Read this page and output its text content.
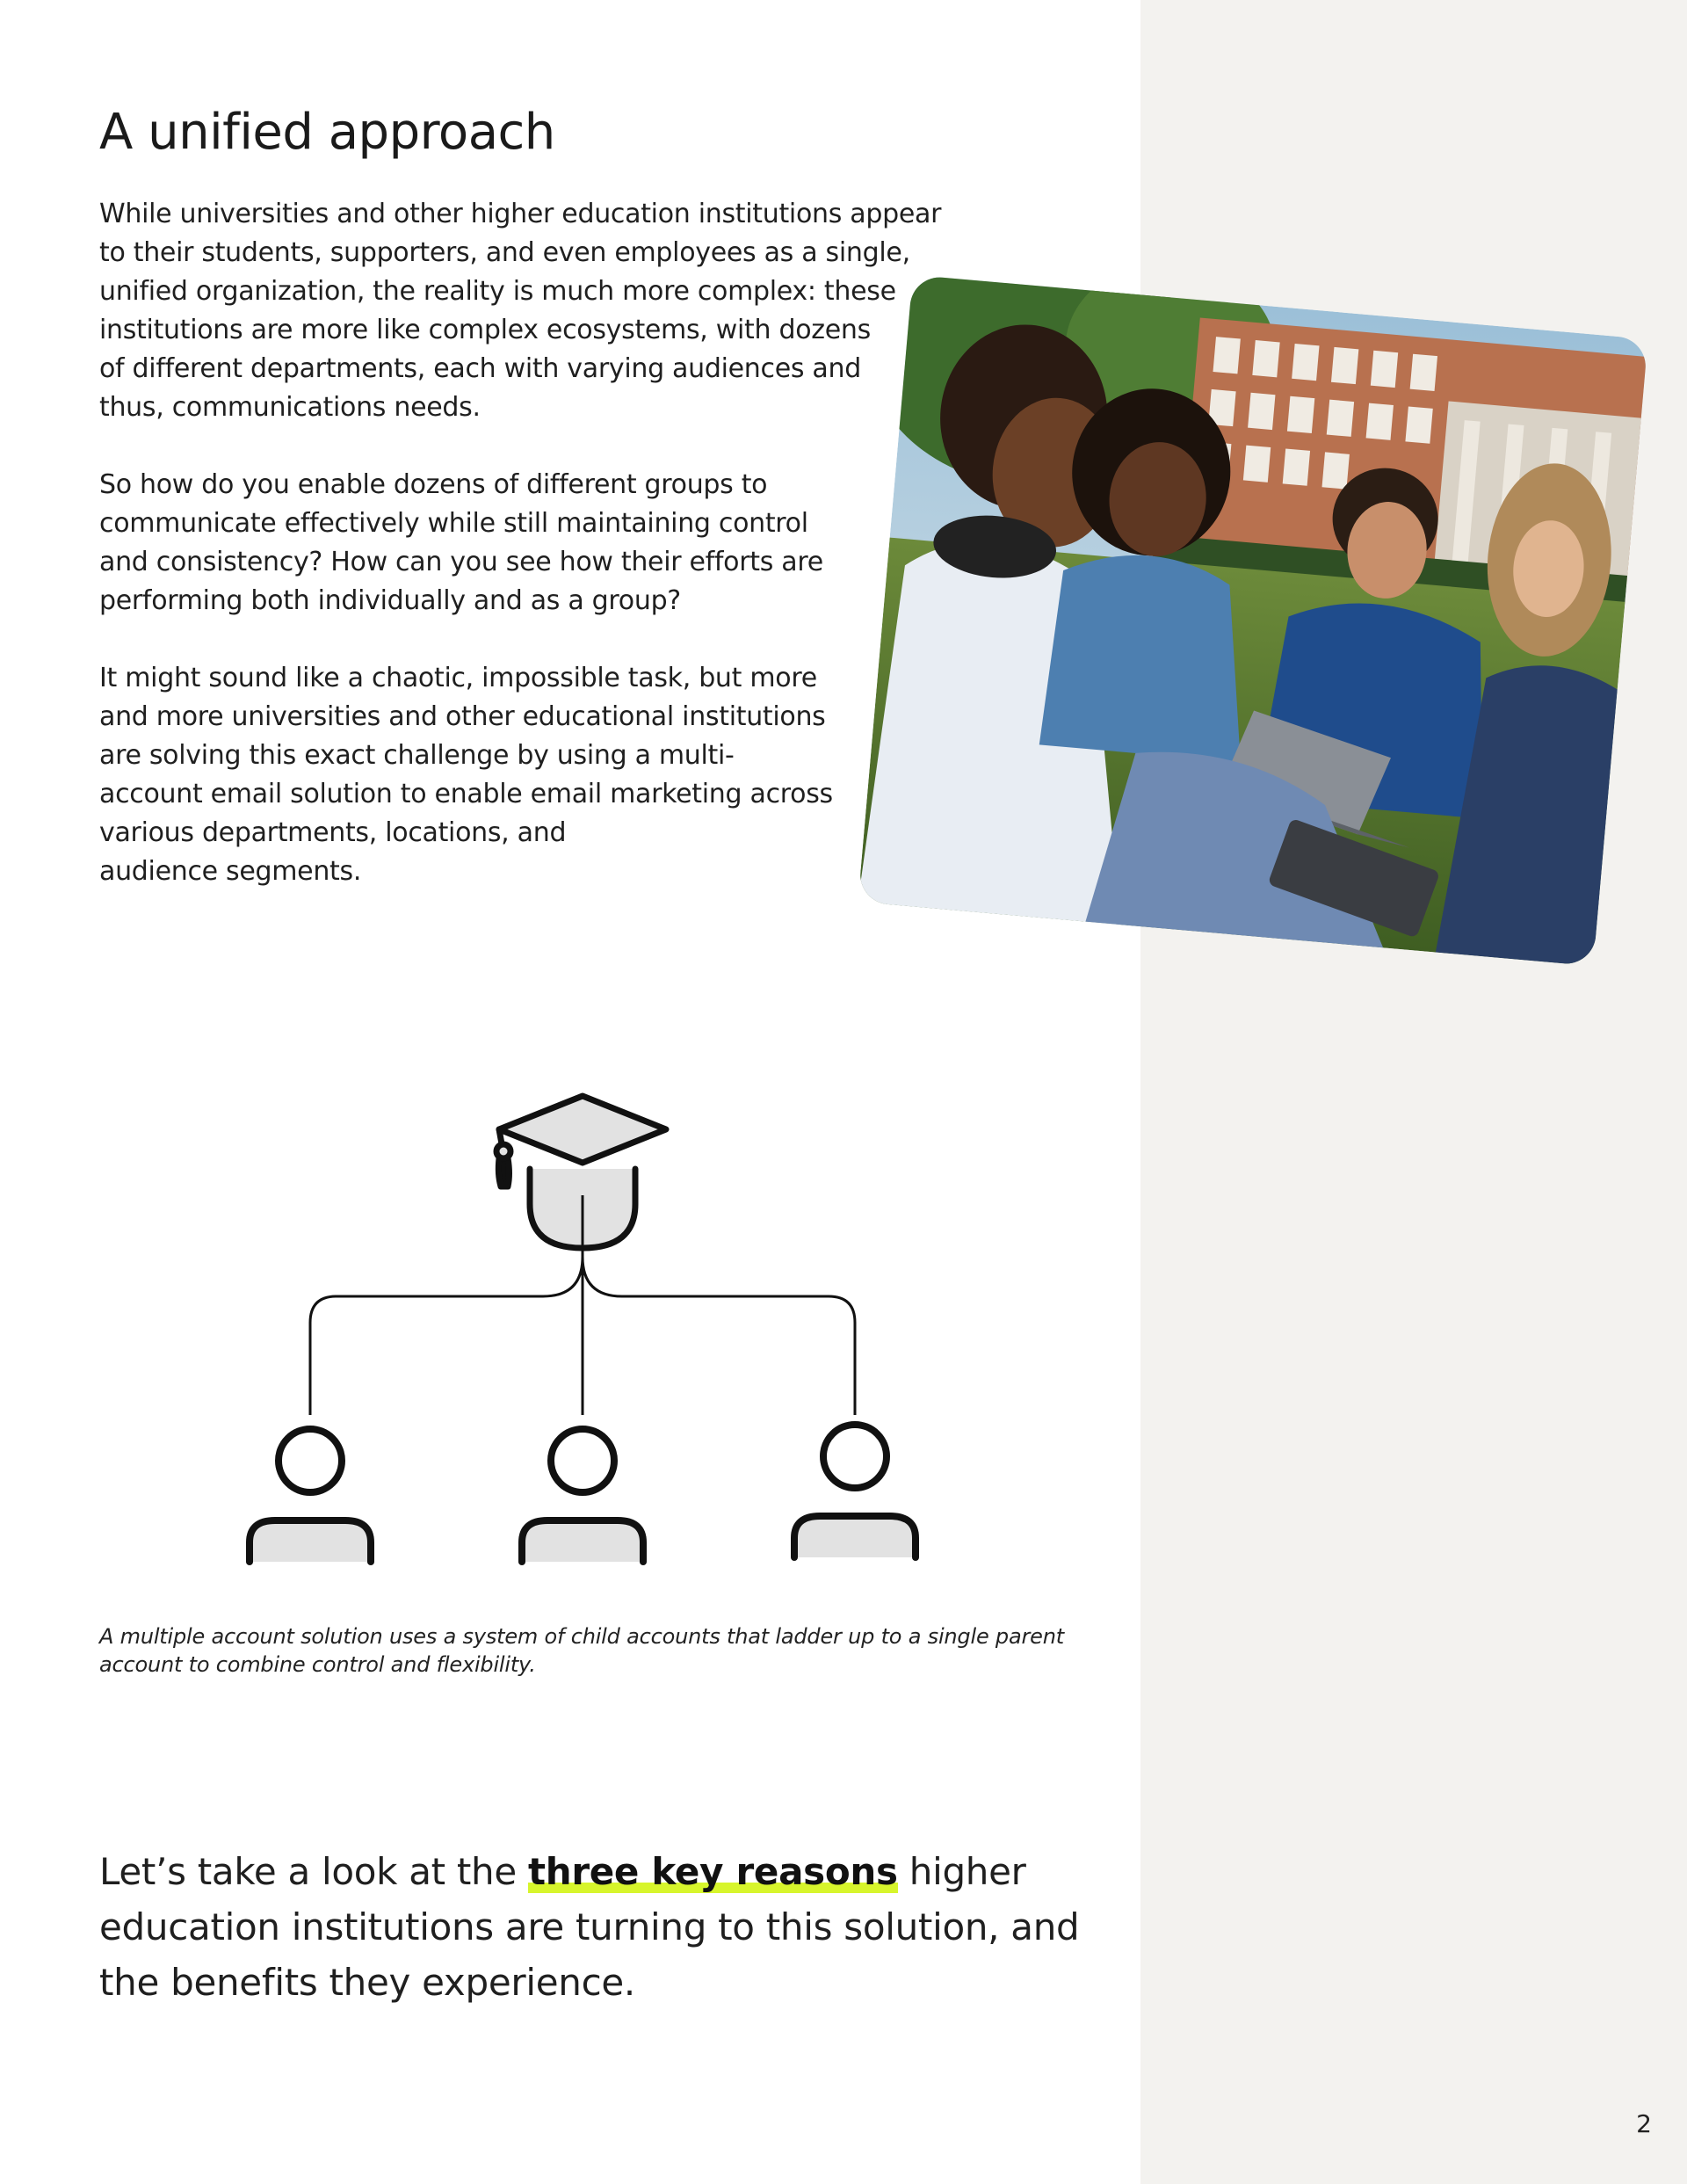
A unified approach

While universities and other higher education institutions appear
to their students, supporters, and even employees as a single,
unified organization, the reality is much more complex: these
institutions are more like complex ecosystems, with dozens
of different departments, each with varying audiences and
thus, communications needs.

So how do you enable dozens of different groups to
communicate effectively while still maintaining control
and consistency? How can you see how their efforts are
performing both individually and as a group?

It might sound like a chaotic, impossible task, but more
and more universities and other educational institutions
are solving this exact challenge by using a multi-
account email solution to enable email marketing across
various departments, locations, and
audience segments.

A multiple account solution uses a system of child accounts that ladder up to a single parent
account to combine control and flexibility.
Let’s take a look at the three key reasons higher
education institutions are turning to this solution, and
the benefits they experience.
2
